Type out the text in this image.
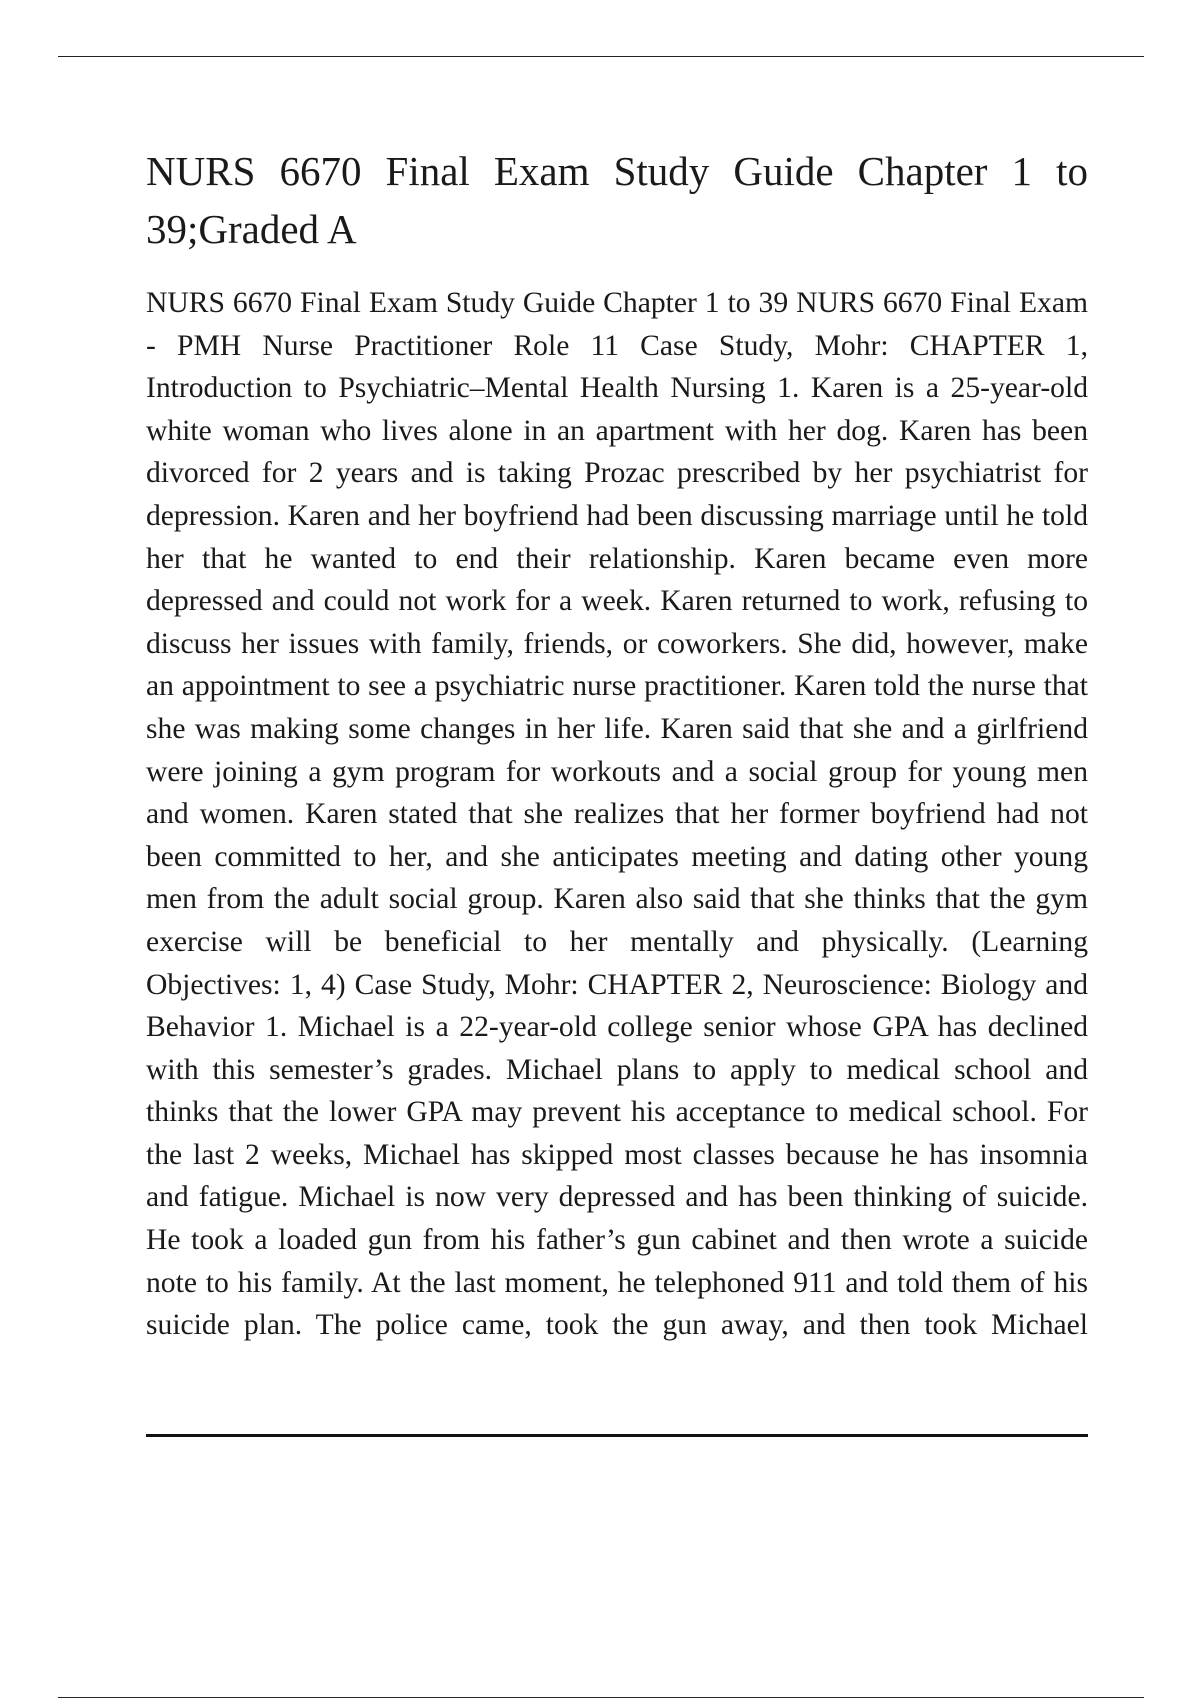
NURS 6670 Final Exam Study Guide Chapter 1 to 39;Graded A

NURS 6670 Final Exam Study Guide Chapter 1 to 39 NURS 6670 Final Exam - PMH Nurse Practitioner Role 11 Case Study, Mohr: CHAPTER 1, Introduction to Psychiatric–Mental Health Nursing 1. Karen is a 25-year-old white woman who lives alone in an apartment with her dog. Karen has been divorced for 2 years and is taking Prozac prescribed by her psychiatrist for depression. Karen and her boyfriend had been discussing marriage until he told her that he wanted to end their relationship. Karen became even more depressed and could not work for a week. Karen returned to work, refusing to discuss her issues with family, friends, or coworkers. She did, however, make an appointment to see a psychiatric nurse practitioner. Karen told the nurse that she was making some changes in her life. Karen said that she and a girlfriend were joining a gym program for workouts and a social group for young men and women. Karen stated that she realizes that her former boyfriend had not been committed to her, and she anticipates meeting and dating other young men from the adult social group. Karen also said that she thinks that the gym exercise will be beneficial to her mentally and physically. (Learning Objectives: 1, 4) Case Study, Mohr: CHAPTER 2, Neuroscience: Biology and Behavior 1. Michael is a 22-year-old college senior whose GPA has declined with this semester’s grades. Michael plans to apply to medical school and thinks that the lower GPA may prevent his acceptance to medical school. For the last 2 weeks, Michael has skipped most classes because he has insomnia and fatigue. Michael is now very depressed and has been thinking of suicide. He took a loaded gun from his father’s gun cabinet and then wrote a suicide note to his family. At the last moment, he telephoned 911 and told them of his suicide plan. The police came, took the gun away, and then took Michael
